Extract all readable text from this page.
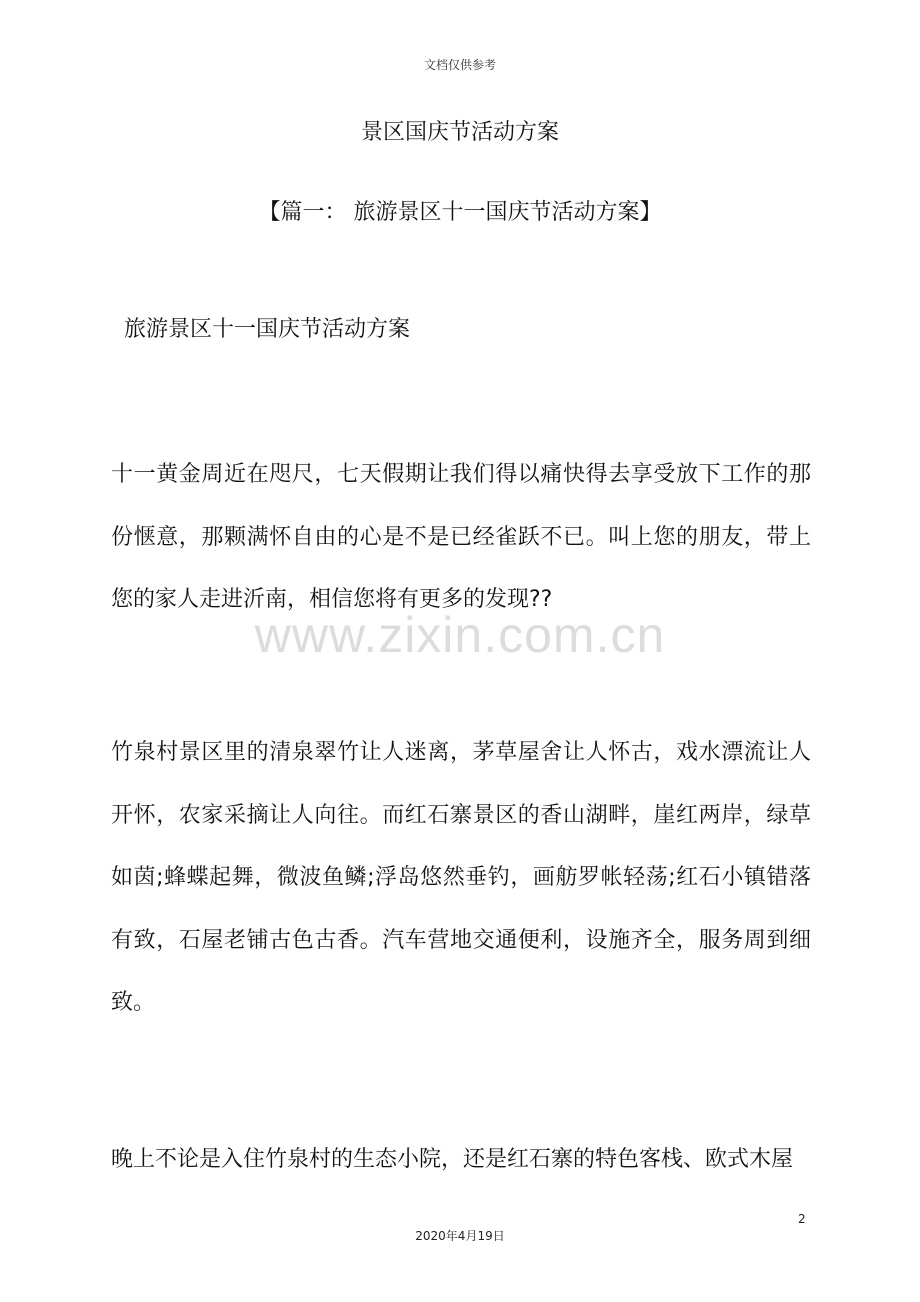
文档仅供参考
景区国庆节活动方案
【篇一： 旅游景区十一国庆节活动方案】
旅游景区十一国庆节活动方案

十一黄金周近在咫尺，七天假期让我们得以痛快得去享受放下工作的那份惬意，那颗满怀自由的心是不是已经雀跃不已。叫上您的朋友，带上您的家人走进沂南，相信您将有更多的发现??

www.zixin.com.cn

竹泉村景区里的清泉翠竹让人迷离，茅草屋舍让人怀古，戏水漂流让人开怀，农家采摘让人向往。而红石寨景区的香山湖畔，崖红两岸，绿草如茵;蜂蝶起舞，微波鱼鳞;浮岛悠然垂钓，画舫罗帐轻荡;红石小镇错落有致，石屋老铺古色古香。汽车营地交通便利，设施齐全，服务周到细致。

晚上不论是入住竹泉村的生态小院，还是红石寨的特色客栈、欧式木屋

2
2020年4月19日
